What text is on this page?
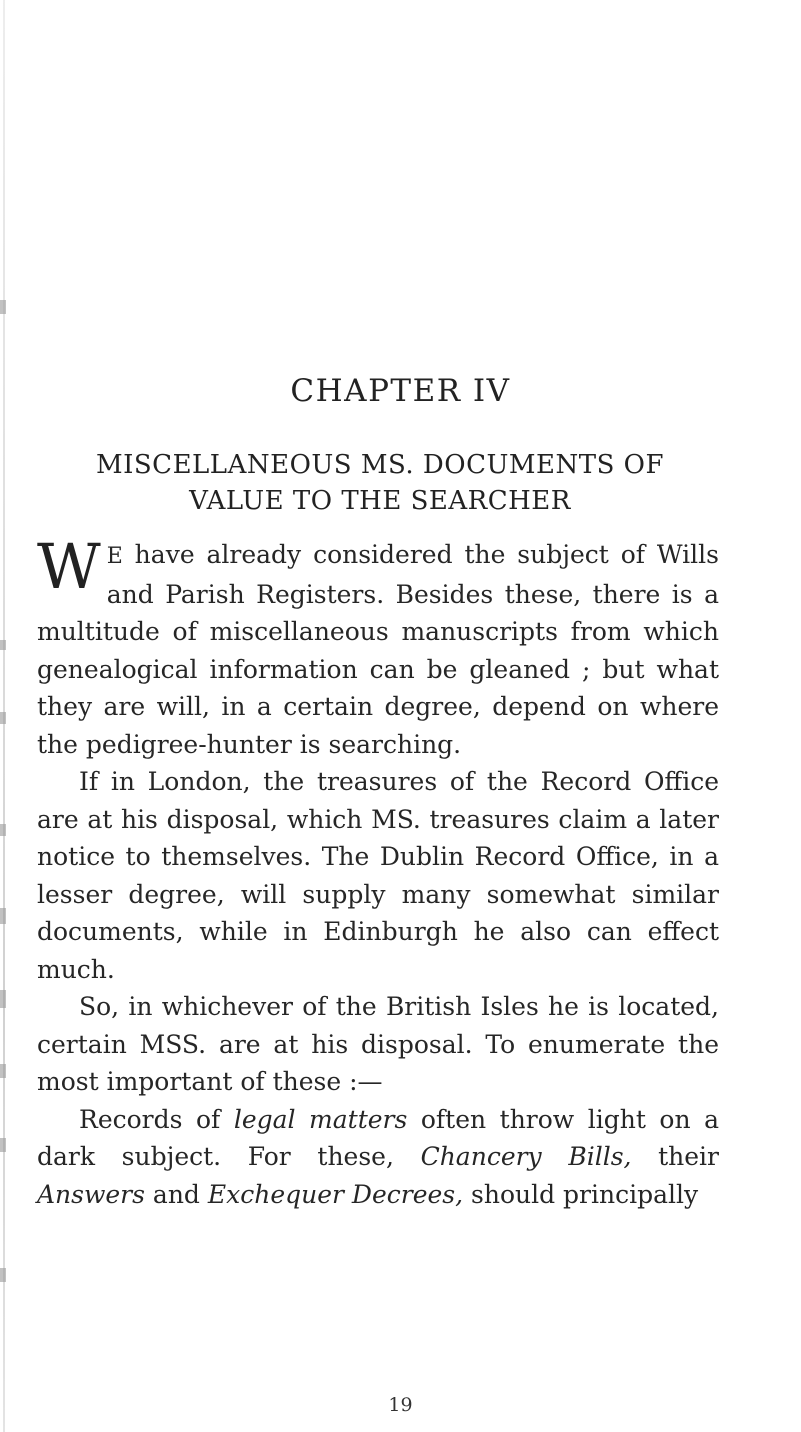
CHAPTER IV
MISCELLANEOUS MS. DOCUMENTS OF
VALUE TO THE SEARCHER

W E have already considered the subject of Wills and Parish Registers. Besides these, there is a multitude of miscellaneous manuscripts from which genealogical information can be gleaned ; but what they are will, in a certain degree, depend on where the pedigree-hunter is searching.

If in London, the treasures of the Record Office are at his disposal, which MS. treasures claim a later notice to themselves. The Dublin Record Office, in a lesser degree, will supply many somewhat similar documents, while in Edinburgh he also can effect much.

So, in whichever of the British Isles he is located, certain MSS. are at his disposal. To enumerate the most important of these :—

Records of legal matters often throw light on a dark subject. For these, Chancery Bills, their Answers and Exchequer Decrees, should principally

19
